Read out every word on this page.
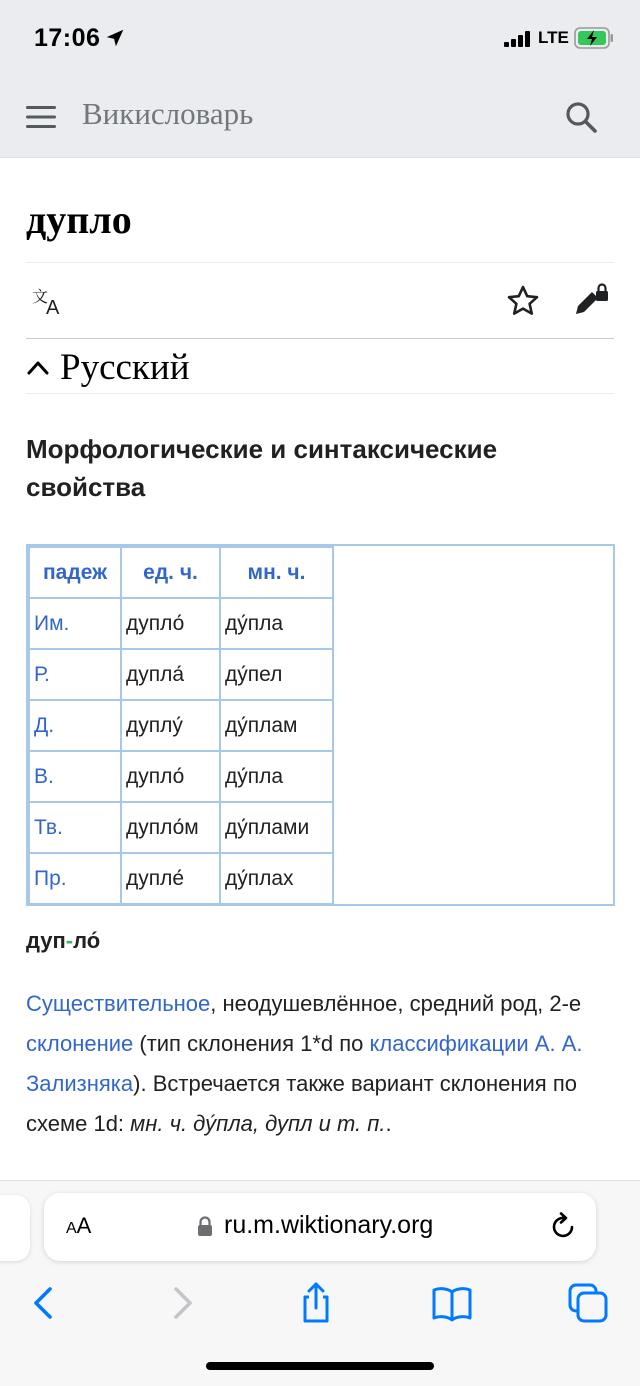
17:06	LTE
Викисловарь
дупло
文
A
Русский
Морфологические и синтаксические свойства
падеж	ед. ч.	мн. ч.
Им.	дупло́	ду́пла
Р.	дупла́	ду́пел
Д.	дуплу́	ду́плам
В.	дупло́	ду́пла
Тв.	дупло́м	ду́плами
Пр.	дупле́	ду́плах
дуп-ло́

Существительное, неодушевлённое, средний род, 2-е склонение (тип склонения 1*d по классификации А. А. Зализняка). Встречается также вариант склонения по схеме 1d: мн. ч. ду́пла, дупл и т. п..

AA	ru.m.wiktionary.org
